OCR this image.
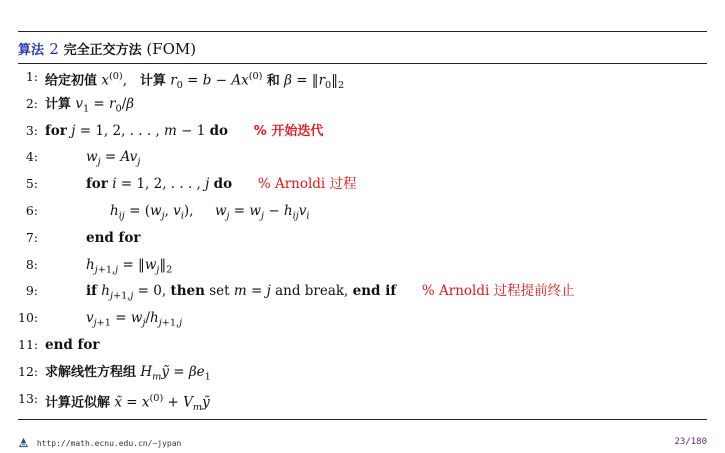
算法 2 完全正交方法 (FOM)
1: 给定初值 $x^{(0)}$,   计算 $r_0 = b - Ax^{(0)}$ 和 $\beta = ‖r_0‖_2$
2: 计算 $v_1 = r_0/\beta$
3: for j = 1, 2, . . . , m − 1 do % 开始迭代
4:	$w_j = Av_j$
5:	for i = 1, 2, . . . , j do % Arnoldi 过程
6:	$h_{ij} = (w_j$, $v_i$),     $w_j = w_j - h_{ij}v_i$
7:	end for
8:	$h_{j+1,j}$ = $‖w_j‖_2$
9:	if $h_{j+1,j} = 0$, then set m = j and break, end if % Arnoldi 过程提前终止
10:	$v_{j+1} = w_j/h_{j+1,j}$
11: end for
12: 求解线性方程组 $H_mỹ = \beta e_1$
13: 计算近似解 x̃ = $x^{(0)}$ + $V_mỹ$
http://math.ecnu.edu.cn/~jypan	23/180
